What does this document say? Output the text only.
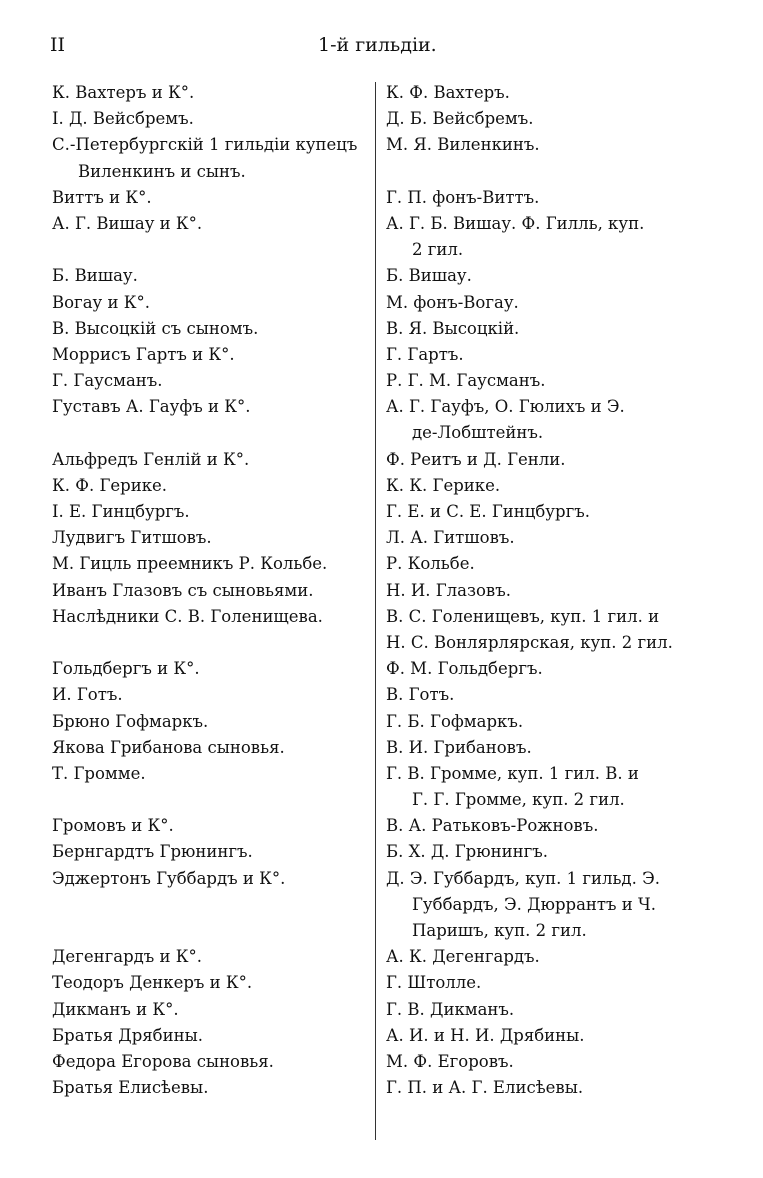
II	1-й гильдіи.
К. Вахтеръ и К°.
І. Д. Вейсбремъ.
С.-Петербургскій 1 гильдіи купецъ
Виленкинъ и сынъ.
Виттъ и К°.
А. Г. Вишау и К°.
Б. Вишау.
Вогау и К°.
В. Высоцкій съ сыномъ.
Моррисъ Гартъ и К°.
Г. Гаусманъ.
Густавъ А. Гауфъ и К°.
Альфредъ Генлій и К°.
К. Ф. Герике.
І. Е. Гинцбургъ.
Лудвигъ Гитшовъ.
М. Гицль преемникъ Р. Кольбе.
Иванъ Глазовъ съ сыновьями.
Наслѣдники С. В. Голенищева.
Гольдбергъ и К°.
И. Готъ.
Брюно Гофмаркъ.
Якова Грибанова сыновья.
Т. Громме.
Громовъ и К°.
Бернгардтъ Грюнингъ.
Эджертонъ Губбардъ и К°.
Дегенгардъ и К°.
Теодоръ Денкеръ и К°.
Дикманъ и К°.
Братья Дрябины.
Федора Егорова сыновья.
Братья Елисѣевы.
К. Ф. Вахтеръ.
Д. Б. Вейсбремъ.
М. Я. Виленкинъ.
Г. П. фонъ-Виттъ.
А. Г. Б. Вишау. Ф. Гилль, куп.
2 гил.
Б. Вишау.
М. фонъ-Вогау.
В. Я. Высоцкій.
Г. Гартъ.
Р. Г. М. Гаусманъ.
А. Г. Гауфъ, О. Гюлихъ и Э.
де-Лобштейнъ.
Ф. Реитъ и Д. Генли.
К. К. Герике.
Г. Е. и С. Е. Гинцбургъ.
Л. А. Гитшовъ.
Р. Кольбе.
Н. И. Глазовъ.
В. С. Голенищевъ, куп. 1 гил. и
Н. С. Вонлярлярская, куп. 2 гил.
Ф. М. Гольдбергъ.
В. Готъ.
Г. Б. Гофмаркъ.
В. И. Грибановъ.
Г. В. Громме, куп. 1 гил. В. и
Г. Г. Громме, куп. 2 гил.
В. А. Ратьковъ-Рожновъ.
Б. Х. Д. Грюнингъ.
Д. Э. Губбардъ, куп. 1 гильд. Э.
Губбардъ, Э. Дюррантъ и Ч.
Паришъ, куп. 2 гил.
А. К. Дегенгардъ.
Г. Штолле.
Г. В. Дикманъ.
А. И. и Н. И. Дрябины.
М. Ф. Егоровъ.
Г. П. и А. Г. Елисѣевы.
